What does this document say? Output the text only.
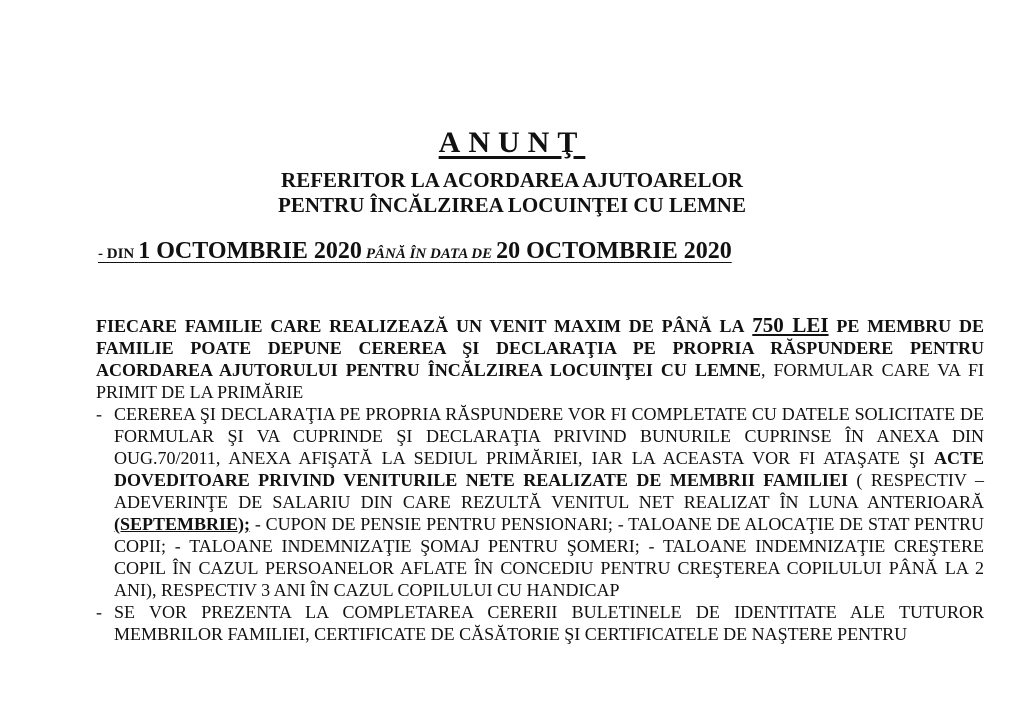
ANUNŢ
REFERITOR LA ACORDAREA AJUTOARELOR
PENTRU ÎNCĂLZIREA LOCUINŢEI CU LEMNE
- DIN 1 OCTOMBRIE 2020 PÂNĂ ÎN DATA DE 20 OCTOMBRIE 2020

FIECARE FAMILIE CARE REALIZEAZĂ UN VENIT MAXIM DE PÂNĂ LA 750 LEI PE MEMBRU DE FAMILIE POATE DEPUNE CEREREA ŞI DECLARAŢIA PE PROPRIA RĂSPUNDERE PENTRU ACORDAREA AJUTORULUI PENTRU ÎNCĂLZIREA LOCUINŢEI CU LEMNE, FORMULAR CARE VA FI PRIMIT DE LA PRIMĂRIE

- CEREREA ŞI DECLARAŢIA PE PROPRIA RĂSPUNDERE VOR FI COMPLETATE CU DATELE SOLICITATE DE FORMULAR ŞI VA CUPRINDE ŞI DECLARAŢIA PRIVIND BUNURILE CUPRINSE ÎN ANEXA DIN OUG.70/2011, ANEXA AFIŞATĂ LA SEDIUL PRIMĂRIEI, IAR LA ACEASTA VOR FI ATAŞATE ŞI ACTE DOVEDITOARE PRIVIND VENITURILE NETE REALIZATE DE MEMBRII FAMILIEI ( RESPECTIV – ADEVERINŢE DE SALARIU DIN CARE REZULTĂ VENITUL NET REALIZAT ÎN LUNA ANTERIOARĂ (SEPTEMBRIE); - CUPON DE PENSIE PENTRU PENSIONARI; - TALOANE DE ALOCAŢIE DE STAT PENTRU COPII; - TALOANE INDEMNIZAŢIE ŞOMAJ PENTRU ŞOMERI; - TALOANE INDEMNIZAŢIE CREŞTERE COPIL ÎN CAZUL PERSOANELOR AFLATE ÎN CONCEDIU PENTRU CREŞTEREA COPILULUI PÂNĂ LA 2 ANI), RESPECTIV 3 ANI ÎN CAZUL COPILULUI CU HANDICAP
- SE VOR PREZENTA LA COMPLETAREA CERERII BULETINELE DE IDENTITATE ALE TUTUROR MEMBRILOR FAMILIEI, CERTIFICATE DE CĂSĂTORIE ŞI CERTIFICATELE DE NAŞTERE PENTRU
